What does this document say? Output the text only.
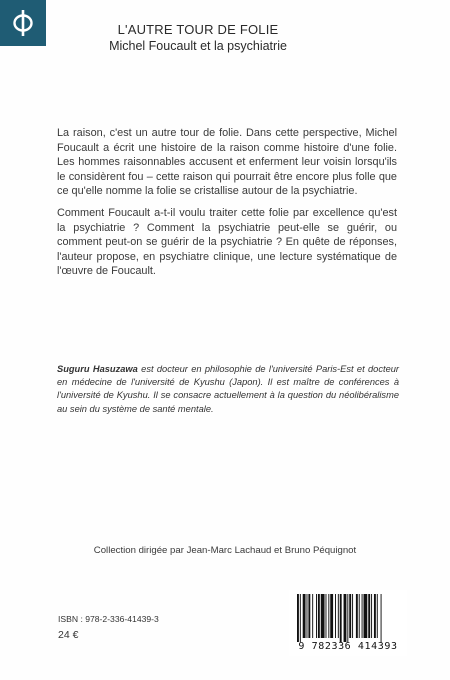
L'AUTRE TOUR DE FOLIE

Michel Foucault et la psychiatrie

La raison, c'est un autre tour de folie. Dans cette perspective, Michel Foucault a écrit une histoire de la raison comme histoire d'une folie. Les hommes raisonnables accusent et enferment leur voisin lorsqu'ils le considèrent fou – cette raison qui pourrait être encore plus folle que ce qu'elle nomme la folie se cristallise autour de la psychiatrie.

Comment Foucault a-t-il voulu traiter cette folie par excellence qu'est la psychiatrie ? Comment la psychiatrie peut-elle se guérir, ou comment peut-on se guérir de la psychiatrie ? En quête de réponses, l'auteur propose, en psychiatre clinique, une lecture systématique de l'œuvre de Foucault.

Suguru Hasuzawa est docteur en philosophie de l'université Paris-Est et docteur en médecine de l'université de Kyushu (Japon). Il est maître de conférences à l'université de Kyushu. Il se consacre actuellement à la question du néolibéralisme au sein du système de santé mentale.

Collection dirigée par Jean-Marc Lachaud et Bruno Péquignot

ISBN : 978-2-336-41439-3

24 €

9 782336 414393
